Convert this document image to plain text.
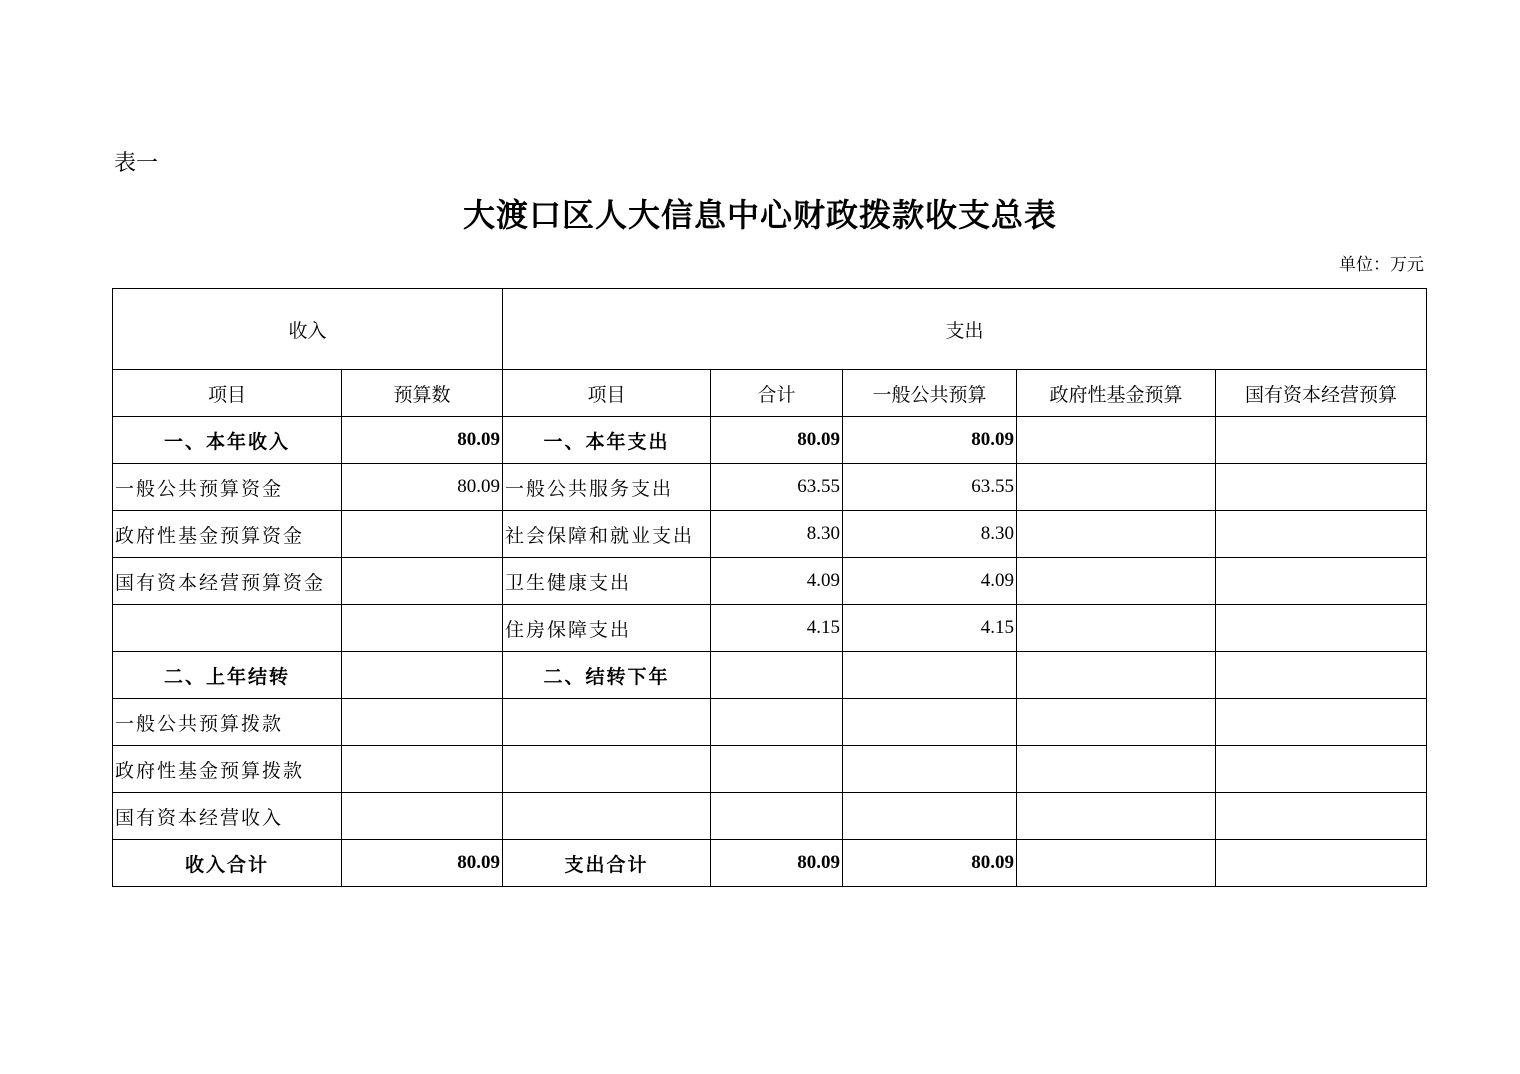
表一
大渡口区人大信息中心财政拨款收支总表
单位：万元
收入		支出				
项目	预算数	项目	合计	一般公共预算	政府性基金预算	国有资本经营预算
一、本年收入	80.09	一、本年支出	80.09	80.09		
一般公共预算资金	80.09	一般公共服务支出	63.55	63.55		
政府性基金预算资金		社会保障和就业支出	8.30	8.30		
国有资本经营预算资金		卫生健康支出	4.09	4.09		
		住房保障支出	4.15	4.15		
二、上年结转		二、结转下年				
一般公共预算拨款						
政府性基金预算拨款						
国有资本经营收入						
收入合计	80.09	支出合计	80.09	80.09		
